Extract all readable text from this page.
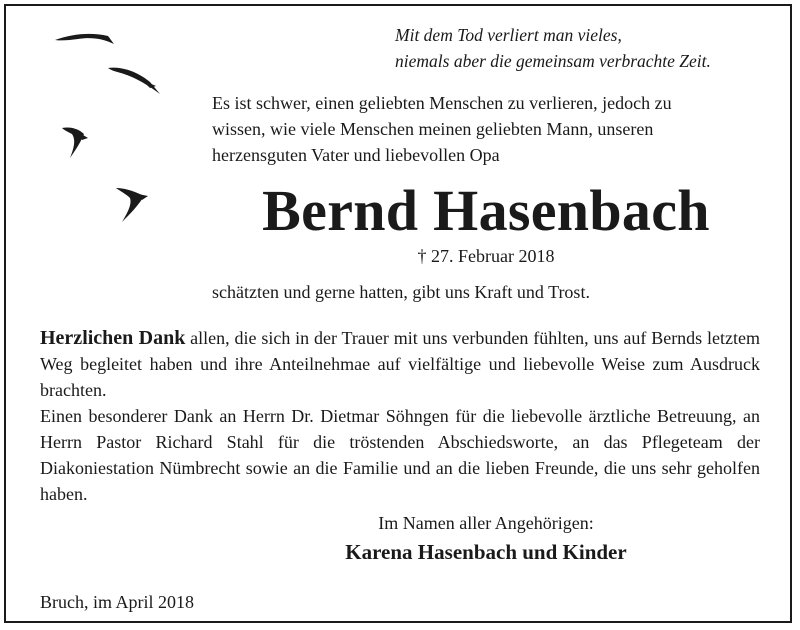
Mit dem Tod verliert man vieles,
niemals aber die gemeinsam verbrachte Zeit.
Es ist schwer, einen geliebten Menschen zu verlieren, jedoch zu
wissen, wie viele Menschen meinen geliebten Mann, unseren
herzensguten Vater und liebevollen Opa
Bernd Hasenbach
† 27. Februar 2018
schätzten und gerne hatten, gibt uns Kraft und Trost.

Herzlichen Dank allen, die sich in der Trauer mit uns verbunden fühlten, uns auf Bernds letztem Weg begleitet haben und ihre Anteilnehmae auf vielfältige und liebevolle Weise zum Ausdruck brachten.

Einen besonderer Dank an Herrn Dr. Dietmar Söhngen für die liebevolle ärztliche Betreuung, an Herrn Pastor Richard Stahl für die tröstenden Abschiedsworte, an das Pflegeteam der Diakoniestation Nümbrecht sowie an die Familie und an die lieben Freunde, die uns sehr geholfen haben.

Im Namen aller Angehörigen:
Karena Hasenbach und Kinder
Bruch, im April 2018
